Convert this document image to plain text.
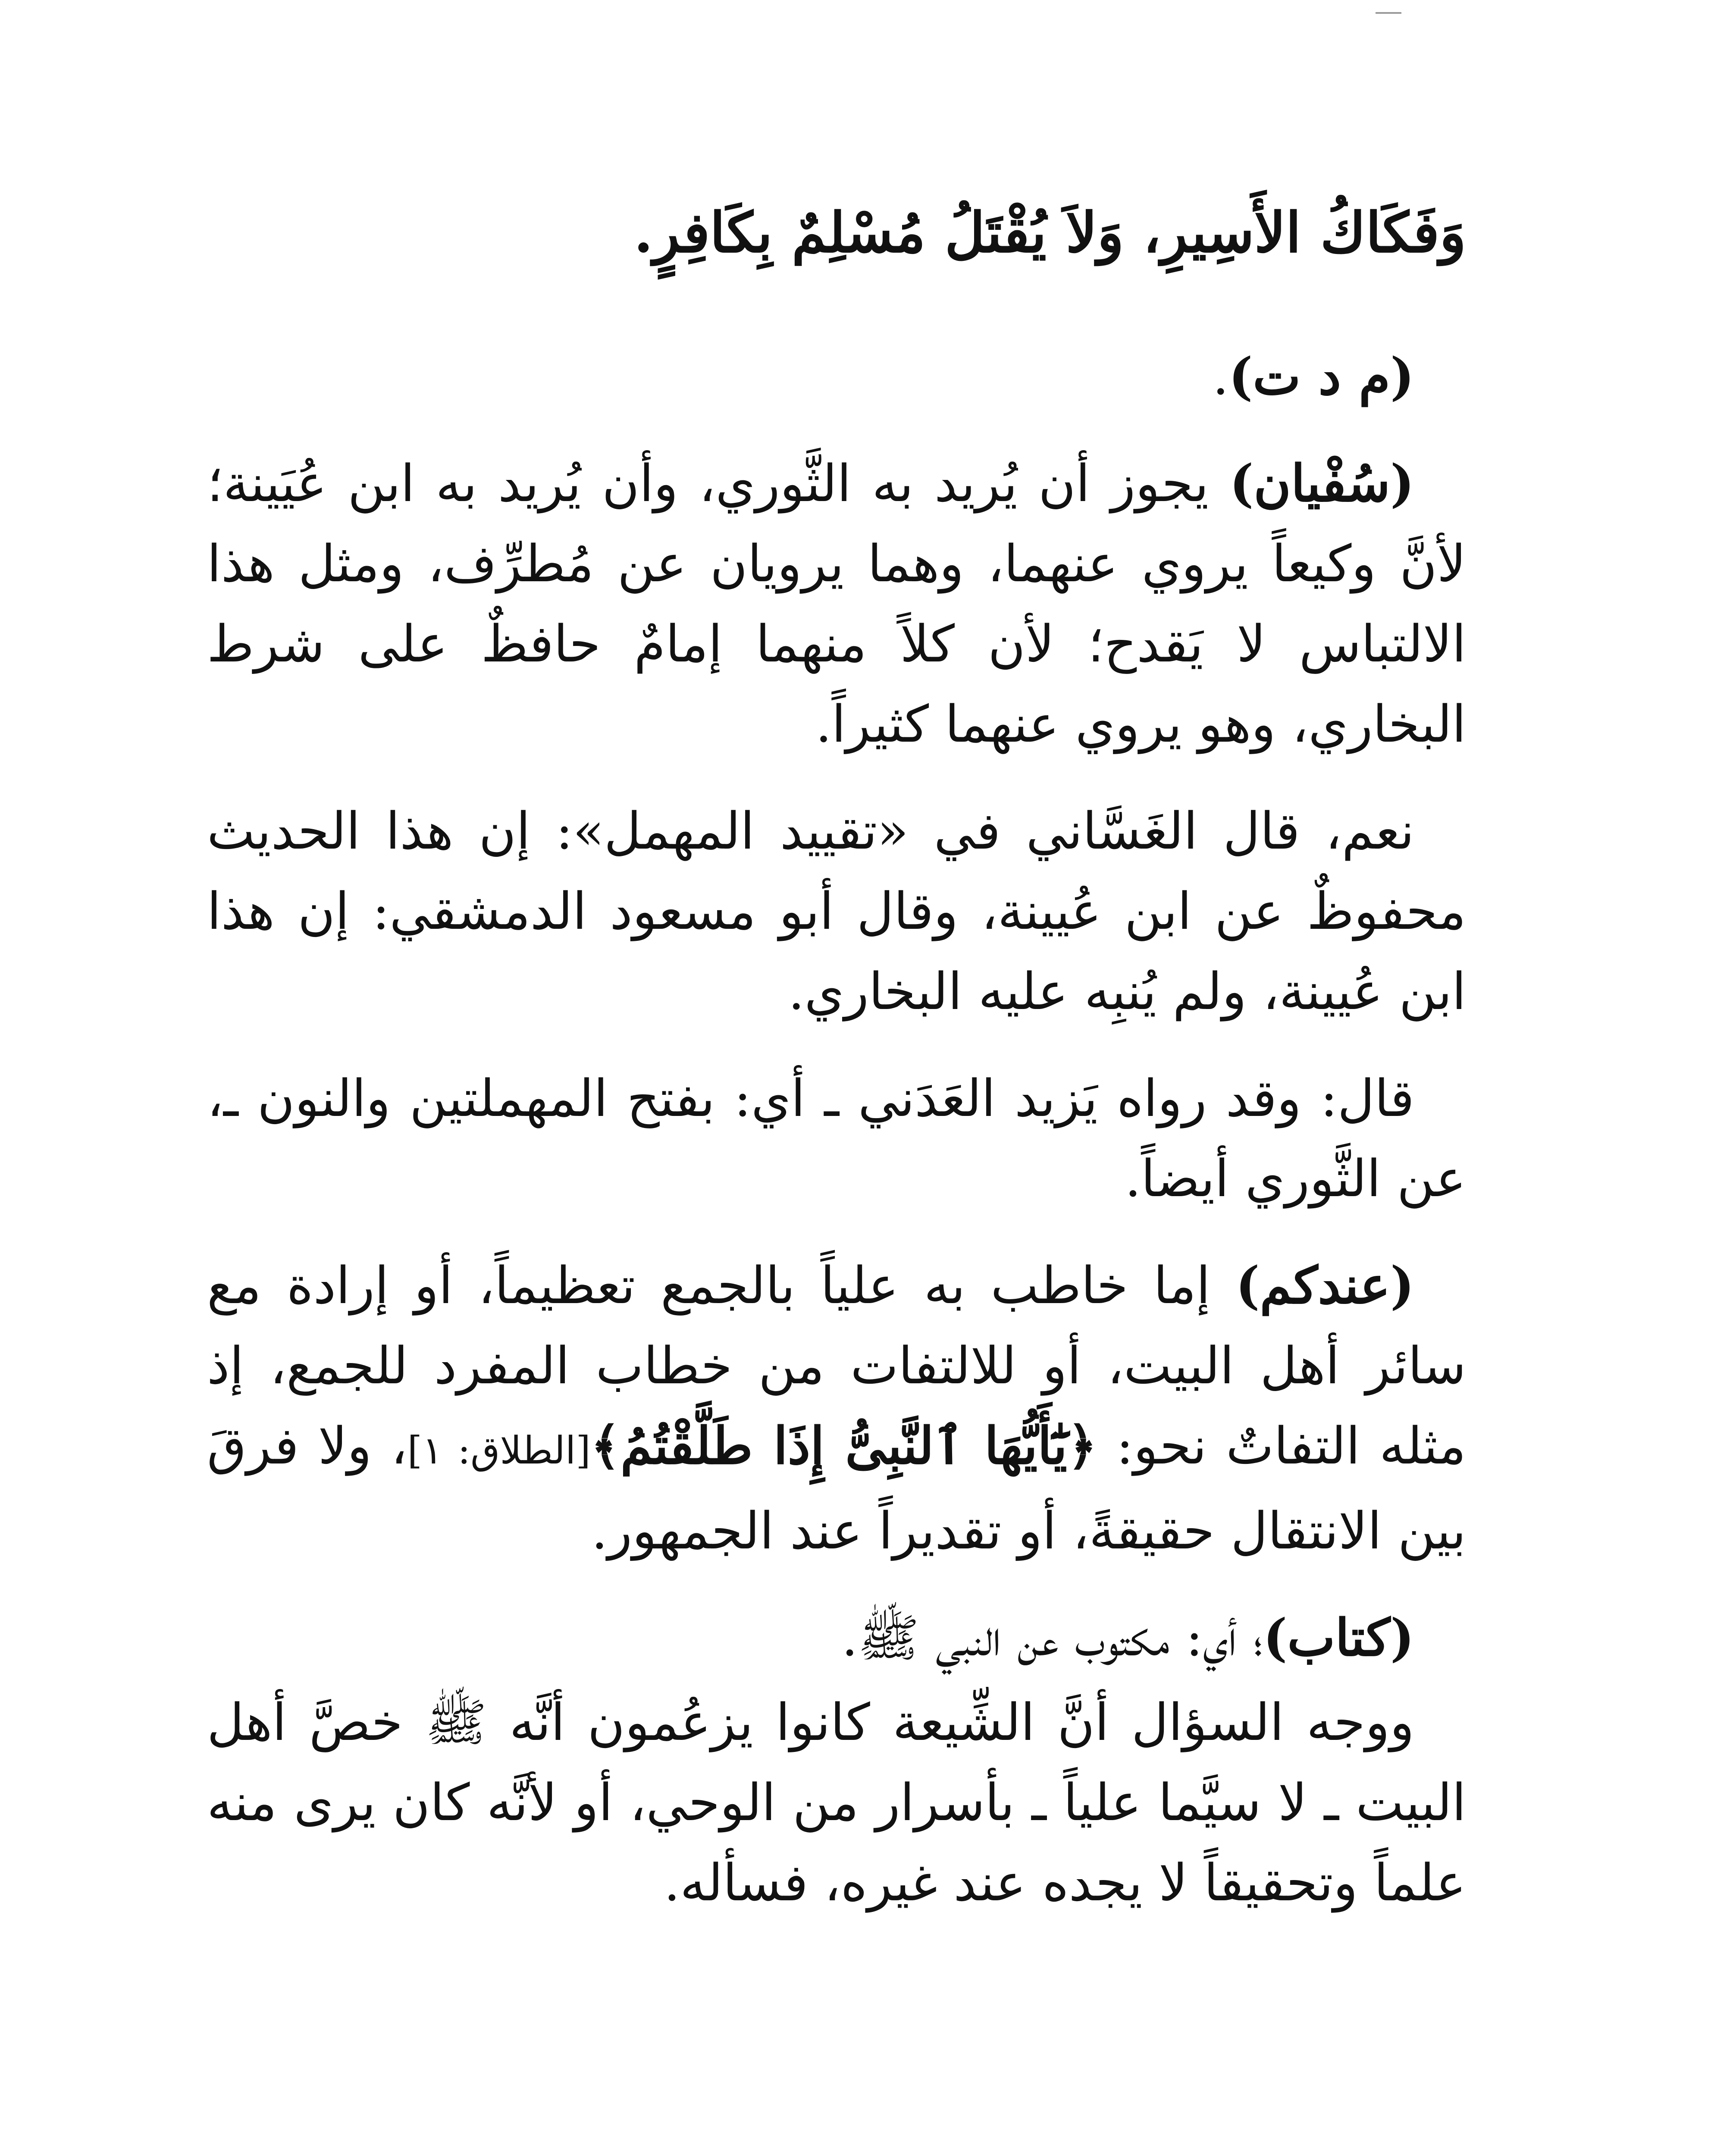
وَفَكَاكُ الأَسِيرِ، وَلاَ يُقْتَلُ مُسْلِمٌ بِكَافِرٍ.

(م د ت).

(سُفْيان) يجوز أن يُريد به الثَّوري، وأن يُريد به ابن عُيَينة؛ لأنَّ وكيعاً يروي عنهما، وهما يرويان عن مُطرِّف، ومثل هذا الالتباس لا يَقدح؛ لأن كلاً منهما إمامٌ حافظٌ على شرط البخاري، وهو يروي عنهما كثيراً.

نعم، قال الغَسَّاني في «تقييد المهمل»: إن هذا الحديث محفوظٌ عن ابن عُيينة، وقال أبو مسعود الدمشقي: إن هذا ابن عُيينة، ولم يُنبِه عليه البخاري.

قال: وقد رواه يَزيد العَدَني ـ أي: بفتح المهملتين والنون ـ، عن الثَّوري أيضاً.

(عندكم) إما خاطب به علياً بالجمع تعظيماً، أو إرادة مع سائر أهل البيت، أو للالتفات من خطاب المفرد للجمع، إذ مثله التفاتٌ نحو: ﴿يَٰٓأَيُّهَا ٱلنَّبِىُّ إِذَا طَلَّقْتُمُ﴾[الطلاق: ١]، ولا فرقَ بين الانتقال حقيقةً، أو تقديراً عند الجمهور.

(كتاب)؛ أي: مكتوب عن النبي ﷺ.

ووجه السؤال أنَّ الشِّيعة كانوا يزعُمون أنَّه ﷺ خصَّ أهل البيت ـ لا سيَّما علياً ـ بأسرار من الوحي، أو لأنَّه كان يرى منه علماً وتحقيقاً لا يجده عند غيره، فسأله.
